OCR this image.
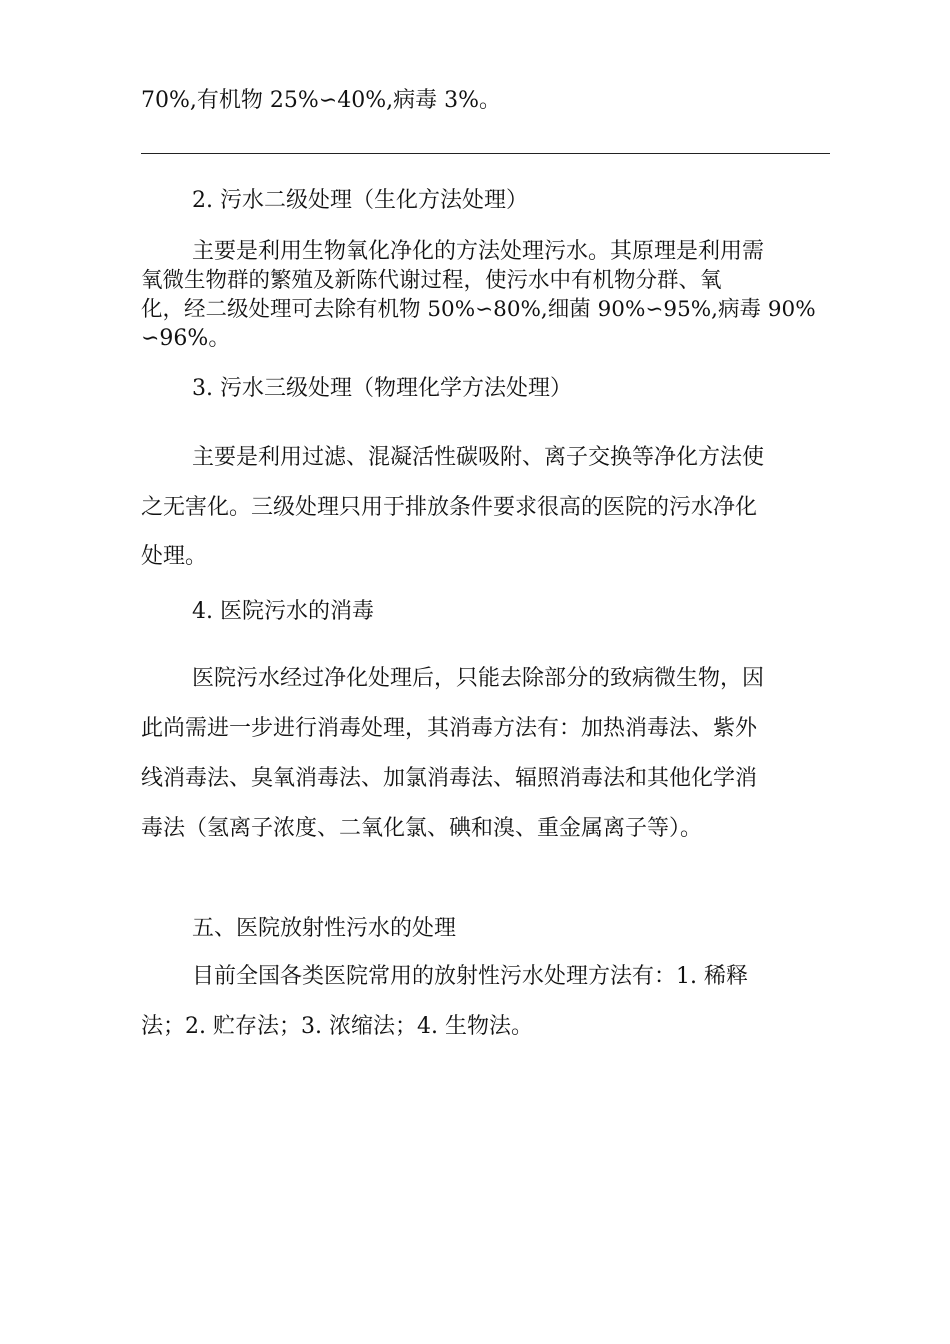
70%,有机物 25%∽40%,病毒 3%。
2. 污水二级处理（生化方法处理）
主要是利用生物氧化净化的方法处理污水。其原理是利用需
氧微生物群的繁殖及新陈代谢过程，使污水中有机物分群、氧
化，经二级处理可去除有机物 50%∽80%,细菌 90%∽95%,病毒 90%
∽96%。
3. 污水三级处理（物理化学方法处理）
主要是利用过滤、混凝活性碳吸附、离子交换等净化方法使
之无害化。三级处理只用于排放条件要求很高的医院的污水净化
处理。
4. 医院污水的消毒
医院污水经过净化处理后，只能去除部分的致病微生物，因
此尚需进一步进行消毒处理，其消毒方法有：加热消毒法、紫外
线消毒法、臭氧消毒法、加氯消毒法、辐照消毒法和其他化学消
毒法（氢离子浓度、二氧化氯、碘和溴、重金属离子等）。
五、医院放射性污水的处理
目前全国各类医院常用的放射性污水处理方法有：1. 稀释
法；2. 贮存法；3. 浓缩法；4. 生物法。
